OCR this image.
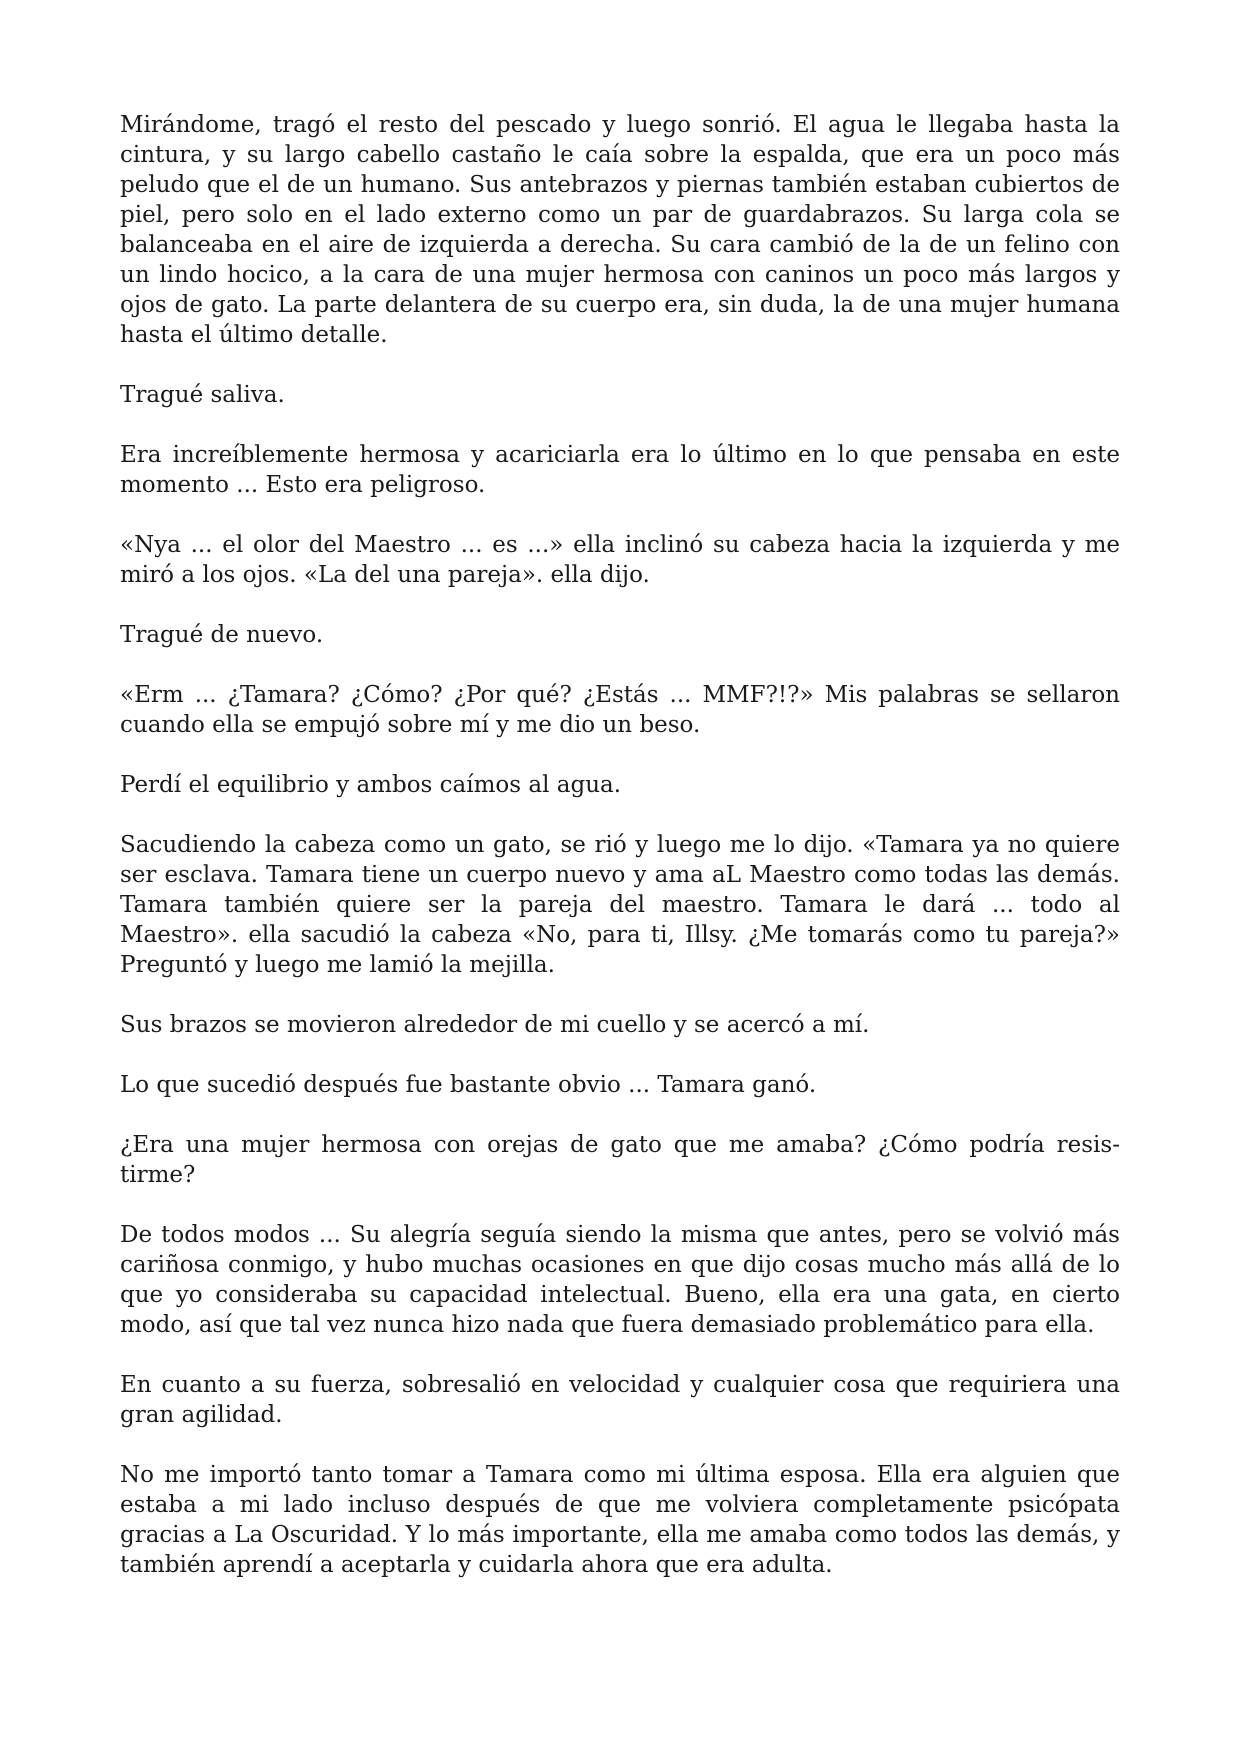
Mirándome, tragó el resto del pescado y luego sonrió. El agua le llegaba hasta la cintura, y su largo cabello castaño le caía sobre la espalda, que era un poco más peludo que el de un humano. Sus antebrazos y piernas también estaban cubiertos de piel, pero solo en el lado externo como un par de guardabrazos. Su larga cola se balanceaba en el aire de izquierda a derecha. Su cara cambió de la de un felino con un lindo hocico, a la cara de una mujer hermosa con caninos un poco más largos y ojos de gato. La parte delantera de su cuerpo era, sin duda, la de una mujer humana hasta el último detalle.

Tragué saliva.

Era increíblemente hermosa y acariciarla era lo último en lo que pensaba en este momento ... Esto era peligroso.

«Nya ... el olor del Maestro ... es ...» ella inclinó su cabeza hacia la izquierda y me miró a los ojos. «La del una pareja». ella dijo.

Tragué de nuevo.

«Erm ... ¿Tamara? ¿Cómo? ¿Por qué? ¿Estás ... MMF?!?» Mis palabras se sellaron cuando ella se empujó sobre mí y me dio un beso.

Perdí el equilibrio y ambos caímos al agua.

Sacudiendo la cabeza como un gato, se rió y luego me lo dijo. «Tamara ya no quiere ser esclava. Tamara tiene un cuerpo nuevo y ama aL Maestro como todas las demás. Tamara también quiere ser la pareja del maestro. Tamara le dará ... todo al Maestro». ella sacudió la cabeza «No, para ti, Illsy. ¿Me tomarás como tu pareja?» Preguntó y luego me lamió la mejilla.

Sus brazos se movieron alrededor de mi cuello y se acercó a mí.

Lo que sucedió después fue bastante obvio ... Tamara ganó.

¿Era una mujer hermosa con orejas de gato que me amaba? ¿Cómo podría resistirme?

De todos modos ... Su alegría seguía siendo la misma que antes, pero se volvió más cariñosa conmigo, y hubo muchas ocasiones en que dijo cosas mucho más allá de lo que yo consideraba su capacidad intelectual. Bueno, ella era una gata, en cierto modo, así que tal vez nunca hizo nada que fuera demasiado problemático para ella.

En cuanto a su fuerza, sobresalió en velocidad y cualquier cosa que requiriera una gran agilidad.

No me importó tanto tomar a Tamara como mi última esposa. Ella era alguien que estaba a mi lado incluso después de que me volviera completamente psicópata gracias a La Oscuridad. Y lo más importante, ella me amaba como todos las demás, y también aprendí a aceptarla y cuidarla ahora que era adulta.
